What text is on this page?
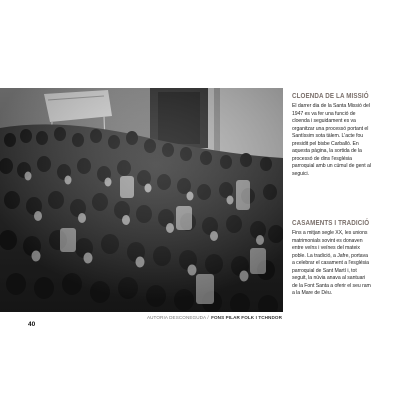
AUTORIA DESCONEGUDA / FONS PILAR FOLK I TCHNDOR
40
CLOENDA DE LA MISSIÓ

El darrer dia de la Santa Missió del 1947 es va fer una funció de cloenda i seguidament es va organitzar una processó portant el Santíssim sota tàlem. L'acte fou presidit pel bisbe Carballó. En aquesta pàgina, la sortida de la processó de dins l'església parroquial amb un cúmul de gent al seguici.

CASAMENTS I TRADICIÓ

Fins a mitjan segle XX, les unions matrimonials sovint es donaven entre veïns i veïnes del mateix poble. La tradició, a Jafre, portava a celebrar el casament a l'església parroquial de Sant Martí i, tot seguit, la núvia anava al santuari de la Font Santa a oferir el seu ram a la Mare de Déu.
